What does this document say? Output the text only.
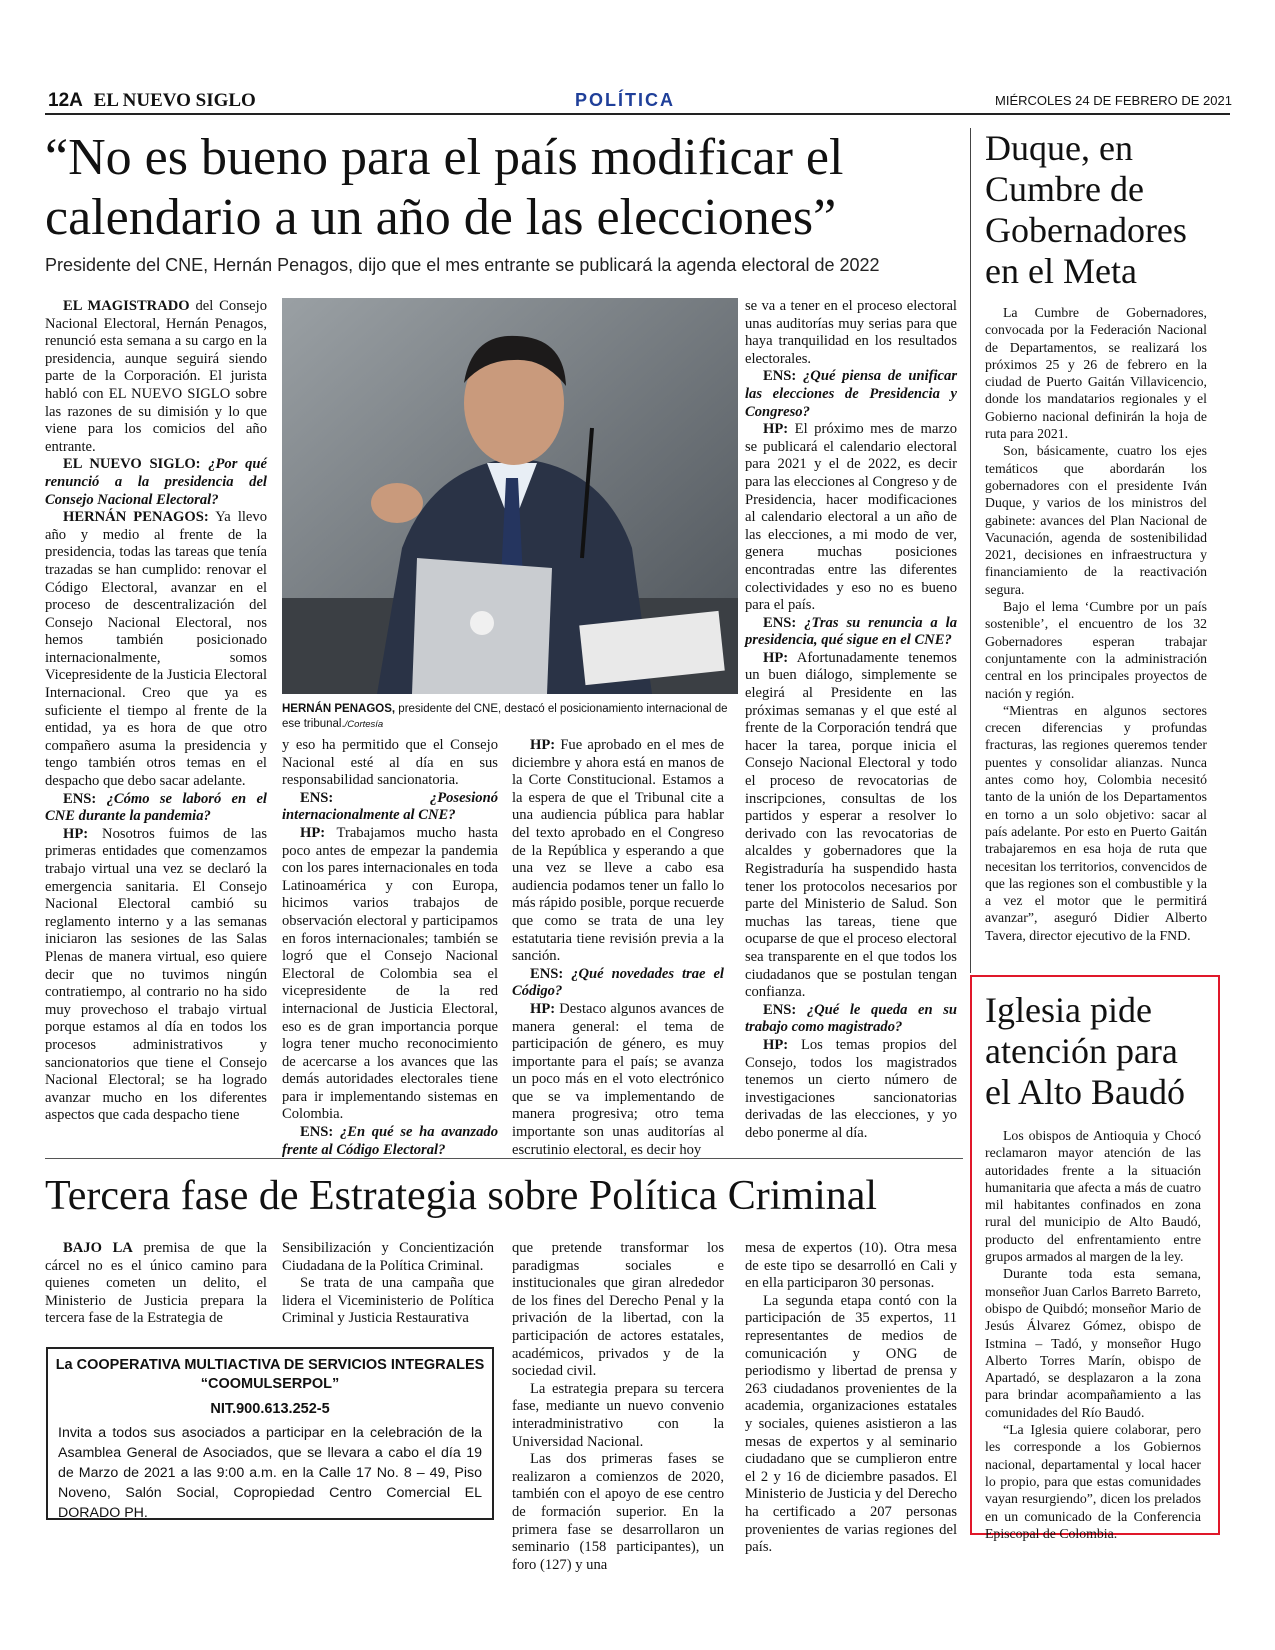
12A EL NUEVO SIGLO	POLÍTICA	MIÉRCOLES 24 DE FEBRERO DE 2021
“No es bueno para el país modificar el calendario a un año de las elecciones”
Presidente del CNE, Hernán Penagos, dijo que el mes entrante se publicará la agenda electoral de 2022

EL MAGISTRADO del Consejo Nacional Electoral, Hernán Penagos, renunció esta semana a su cargo en la presidencia, aunque seguirá siendo parte de la Corporación. El jurista habló con EL NUEVO SIGLO sobre las razones de su dimisión y lo que viene para los comicios del año entrante.

EL NUEVO SIGLO: ¿Por qué renunció a la presidencia del Consejo Nacional Electoral?

HERNÁN PENAGOS: Ya llevo año y medio al frente de la presidencia, todas las tareas que tenía trazadas se han cumplido: renovar el Código Electoral, avanzar en el proceso de descentralización del Consejo Nacional Electoral, nos hemos también posicionado internacionalmente, somos Vicepresidente de la Justicia Electoral Internacional. Creo que ya es suficiente el tiempo al frente de la entidad, ya es hora de que otro compañero asuma la presidencia y tengo también otros temas en el despacho que debo sacar adelante.

ENS: ¿Cómo se laboró en el CNE durante la pandemia?

HP: Nosotros fuimos de las primeras entidades que comenzamos trabajo virtual una vez se declaró la emergencia sanitaria. El Consejo Nacional Electoral cambió su reglamento interno y a las semanas iniciaron las sesiones de las Salas Plenas de manera virtual, eso quiere decir que no tuvimos ningún contratiempo, al contrario no ha sido muy provechoso el trabajo virtual porque estamos al día en todos los procesos administrativos y sancionatorios que tiene el Consejo Nacional Electoral; se ha logrado avanzar mucho en los diferentes aspectos que cada despacho tiene

HERNÁN PENAGOS, presidente del CNE, destacó el posicionamiento internacional de ese tribunal./Cortesía

y eso ha permitido que el Consejo Nacional esté al día en sus responsabilidad sancionatoria.

ENS: ¿Posesionó internacionalmente al CNE?

HP: Trabajamos mucho hasta poco antes de empezar la pandemia con los pares internacionales en toda Latinoamérica y con Europa, hicimos varios trabajos de observación electoral y participamos en foros internacionales; también se logró que el Consejo Nacional Electoral de Colombia sea el vicepresidente de la red internacional de Justicia Electoral, eso es de gran importancia porque logra tener mucho reconocimiento de acercarse a los avances que las demás autoridades electorales tiene para ir implementando sistemas en Colombia.

ENS: ¿En qué se ha avanzado frente al Código Electoral?

HP: Fue aprobado en el mes de diciembre y ahora está en manos de la Corte Constitucional. Estamos a la espera de que el Tribunal cite a una audiencia pública para hablar del texto aprobado en el Congreso de la República y esperando a que una vez se lleve a cabo esa audiencia podamos tener un fallo lo más rápido posible, porque recuerde que como se trata de una ley estatutaria tiene revisión previa a la sanción.

ENS: ¿Qué novedades trae el Código?

HP: Destaco algunos avances de manera general: el tema de participación de género, es muy importante para el país; se avanza un poco más en el voto electrónico que se va implementando de manera progresiva; otro tema importante son unas auditorías al escrutinio electoral, es decir hoy

se va a tener en el proceso electoral unas auditorías muy serias para que haya tranquilidad en los resultados electorales.

ENS: ¿Qué piensa de unificar las elecciones de Presidencia y Congreso?

HP: El próximo mes de marzo se publicará el calendario electoral para 2021 y el de 2022, es decir para las elecciones al Congreso y de Presidencia, hacer modificaciones al calendario electoral a un año de las elecciones, a mi modo de ver, genera muchas posiciones encontradas entre las diferentes colectividades y eso no es bueno para el país.

ENS: ¿Tras su renuncia a la presidencia, qué sigue en el CNE?

HP: Afortunadamente tenemos un buen diálogo, simplemente se elegirá al Presidente en las próximas semanas y el que esté al frente de la Corporación tendrá que hacer la tarea, porque inicia el Consejo Nacional Electoral y todo el proceso de revocatorias de inscripciones, consultas de los partidos y esperar a resolver lo derivado con las revocatorias de alcaldes y gobernadores que la Registraduría ha suspendido hasta tener los protocolos necesarios por parte del Ministerio de Salud. Son muchas las tareas, tiene que ocuparse de que el proceso electoral sea transparente en el que todos los ciudadanos que se postulan tengan confianza.

ENS: ¿Qué le queda en su trabajo como magistrado?

HP: Los temas propios del Consejo, todos los magistrados tenemos un cierto número de investigaciones sancionatorias derivadas de las elecciones, y yo debo ponerme al día.

Duque, en Cumbre de Gobernadores en el Meta

La Cumbre de Gobernadores, convocada por la Federación Nacional de Departamentos, se realizará los próximos 25 y 26 de febrero en la ciudad de Puerto Gaitán Villavicencio, donde los mandatarios regionales y el Gobierno nacional definirán la hoja de ruta para 2021.

Son, básicamente, cuatro los ejes temáticos que abordarán los gobernadores con el presidente Iván Duque, y varios de los ministros del gabinete: avances del Plan Nacional de Vacunación, agenda de sostenibilidad 2021, decisiones en infraestructura y financiamiento de la reactivación segura.

Bajo el lema ‘Cumbre por un país sostenible’, el encuentro de los 32 Gobernadores esperan trabajar conjuntamente con la administración central en los principales proyectos de nación y región.

“Mientras en algunos sectores crecen diferencias y profundas fracturas, las regiones queremos tender puentes y consolidar alianzas. Nunca antes como hoy, Colombia necesitó tanto de la unión de los Departamentos en torno a un solo objetivo: sacar al país adelante. Por esto en Puerto Gaitán trabajaremos en esa hoja de ruta que necesitan los territorios, convencidos de que las regiones son el combustible y la a vez el motor que le permitirá avanzar”, aseguró Didier Alberto Tavera, director ejecutivo de la FND.

Iglesia pide atención para el Alto Baudó

Los obispos de Antioquia y Chocó reclamaron mayor atención de las autoridades frente a la situación humanitaria que afecta a más de cuatro mil habitantes confinados en zona rural del municipio de Alto Baudó, producto del enfrentamiento entre grupos armados al margen de la ley.

Durante toda esta semana, monseñor Juan Carlos Barreto Barreto, obispo de Quibdó; monseñor Mario de Jesús Álvarez Gómez, obispo de Istmina – Tadó, y monseñor Hugo Alberto Torres Marín, obispo de Apartadó, se desplazaron a la zona para brindar acompañamiento a las comunidades del Río Baudó.

“La Iglesia quiere colaborar, pero les corresponde a los Gobiernos nacional, departamental y local hacer lo propio, para que estas comunidades vayan resurgiendo”, dicen los prelados en un comunicado de la Conferencia Episcopal de Colombia.

Tercera fase de Estrategia sobre Política Criminal

BAJO LA premisa de que la cárcel no es el único camino para quienes cometen un delito, el Ministerio de Justicia prepara la tercera fase de la Estrategia de

Sensibilización y Concientización Ciudadana de la Política Criminal.

Se trata de una campaña que lidera el Viceministerio de Política Criminal y Justicia Restaurativa

que pretende transformar los paradigmas sociales e institucionales que giran alrededor de los fines del Derecho Penal y la privación de la libertad, con la participación de actores estatales, académicos, privados y de la sociedad civil.

La estrategia prepara su tercera fase, mediante un nuevo convenio interadministrativo con la Universidad Nacional.

Las dos primeras fases se realizaron a comienzos de 2020, también con el apoyo de ese centro de formación superior. En la primera fase se desarrollaron un seminario (158 participantes), un foro (127) y una

mesa de expertos (10). Otra mesa de este tipo se desarrolló en Cali y en ella participaron 30 personas.

La segunda etapa contó con la participación de 35 expertos, 11 representantes de medios de comunicación y ONG de periodismo y libertad de prensa y 263 ciudadanos provenientes de la academia, organizaciones estatales y sociales, quienes asistieron a las mesas de expertos y al seminario ciudadano que se cumplieron entre el 2 y 16 de diciembre pasados. El Ministerio de Justicia y del Derecho ha certificado a 207 personas provenientes de varias regiones del país.

La COOPERATIVA MULTIACTIVA DE SERVICIOS INTEGRALES
“COOMULSERPOL”
NIT.900.613.252-5
Invita a todos sus asociados a participar en la celebración de la Asamblea General de Asociados, que se llevara a cabo el día 19 de Marzo de 2021 a las 9:00 a.m. en la Calle 17 No. 8 – 49, Piso Noveno, Salón Social, Copropiedad Centro Comercial EL DORADO PH.
